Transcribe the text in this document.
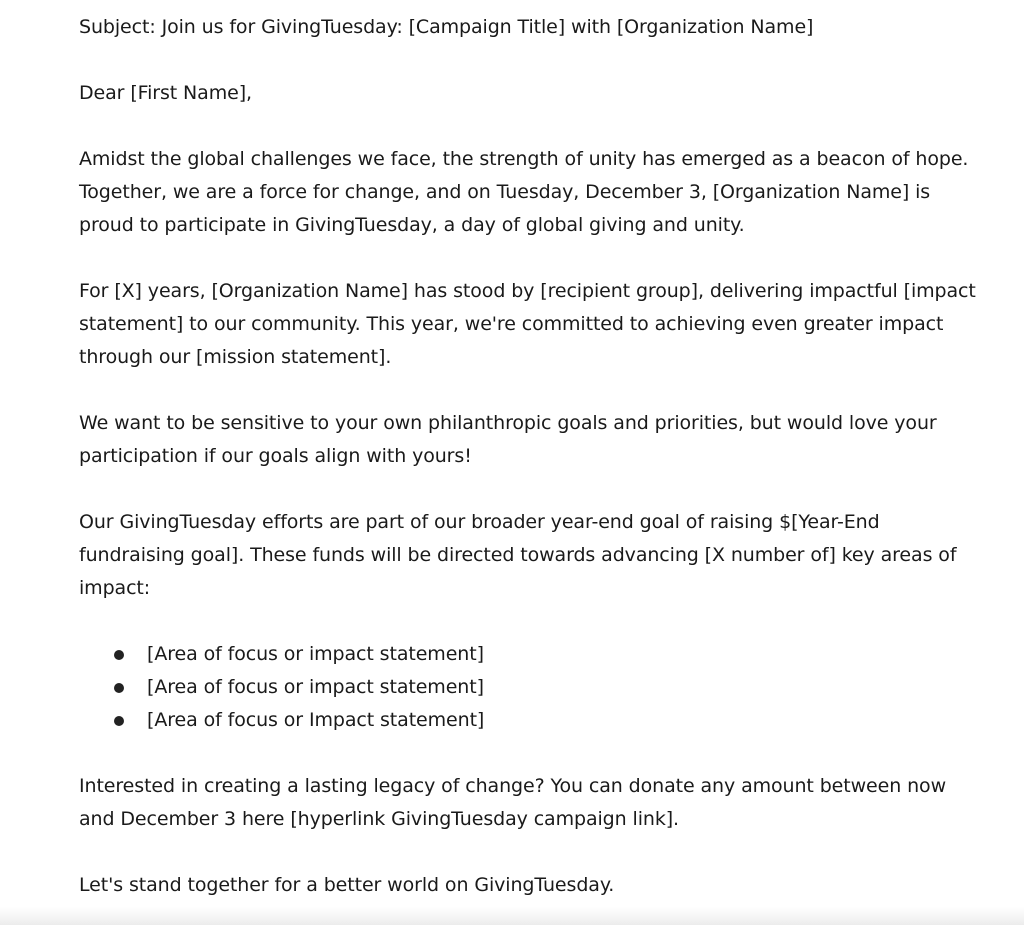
Subject: Join us for GivingTuesday: [Campaign Title] with [Organization Name]

Dear [First Name],

Amidst the global challenges we face, the strength of unity has emerged as a beacon of hope. Together, we are a force for change, and on Tuesday, December 3, [Organization Name] is proud to participate in GivingTuesday, a day of global giving and unity.

For [X] years, [Organization Name] has stood by [recipient group], delivering impactful [impact statement] to our community. This year, we're committed to achieving even greater impact through our [mission statement].

We want to be sensitive to your own philanthropic goals and priorities, but would love your participation if our goals align with yours!

Our GivingTuesday efforts are part of our broader year-end goal of raising $[Year-End fundraising goal]. These funds will be directed towards advancing [X number of] key areas of impact:

[Area of focus or impact statement]
[Area of focus or impact statement]
[Area of focus or Impact statement]

Interested in creating a lasting legacy of change? You can donate any amount between now and December 3 here [hyperlink GivingTuesday campaign link].

Let's stand together for a better world on GivingTuesday.
